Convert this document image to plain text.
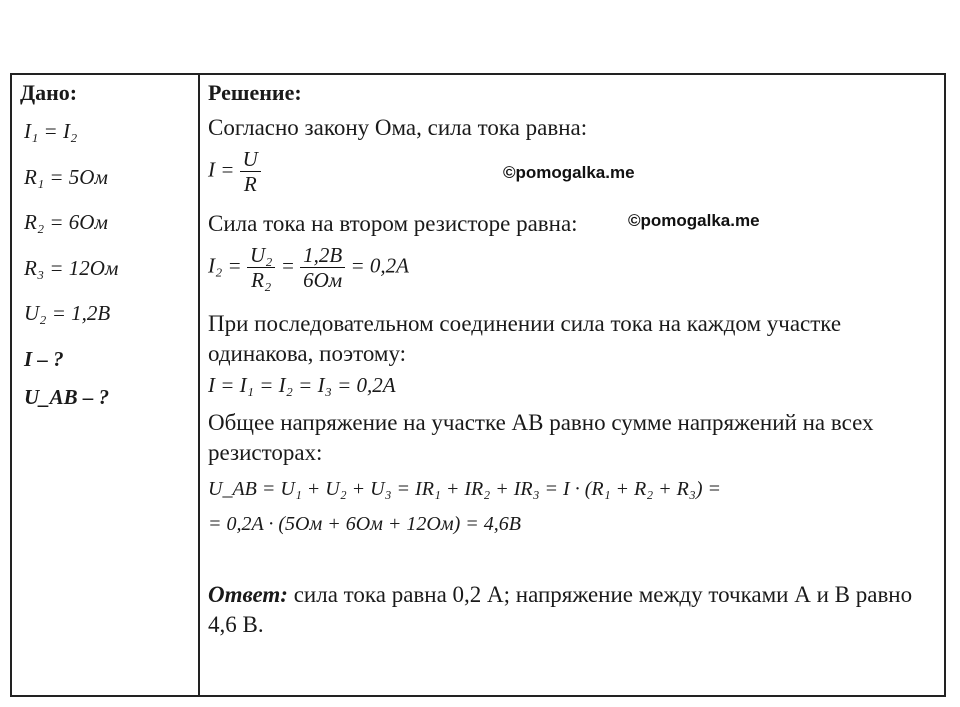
Дано:
I₁ = I₂
R₁ = 5Ом
R₂ = 6Ом
R₃ = 12Ом
U₂ = 1,2B
I – ?
U_AB – ?
Решение:
Согласно закону Ома, сила тока равна:
$I = \frac{U}{R}$
Сила тока на втором резисторе равна:
$I_2 = \frac{\text{U₂}}{\text{R₂}} = \frac{1,2B}{6Ом} = 0,2A$
При последовательном соединении сила тока на каждом участке одинакова, поэтому:
I = I₁ = I₂ = I₃ = 0,2A
Общее напряжение на участке АВ равно сумме напряжений на всех резисторах:
U_AB = U₁ + U₂ + U₃ = IR₁ + IR₂ + IR₃ = I · (R₁ + R₂ + R₃) =
= 0,2A · (5Ом + 6Ом + 12Ом) = 4,6B
Ответ: сила тока равна 0,2 А; напряжение между точками А и В равно 4,6 В.
©pomogalka.me
©pomogalka.me
